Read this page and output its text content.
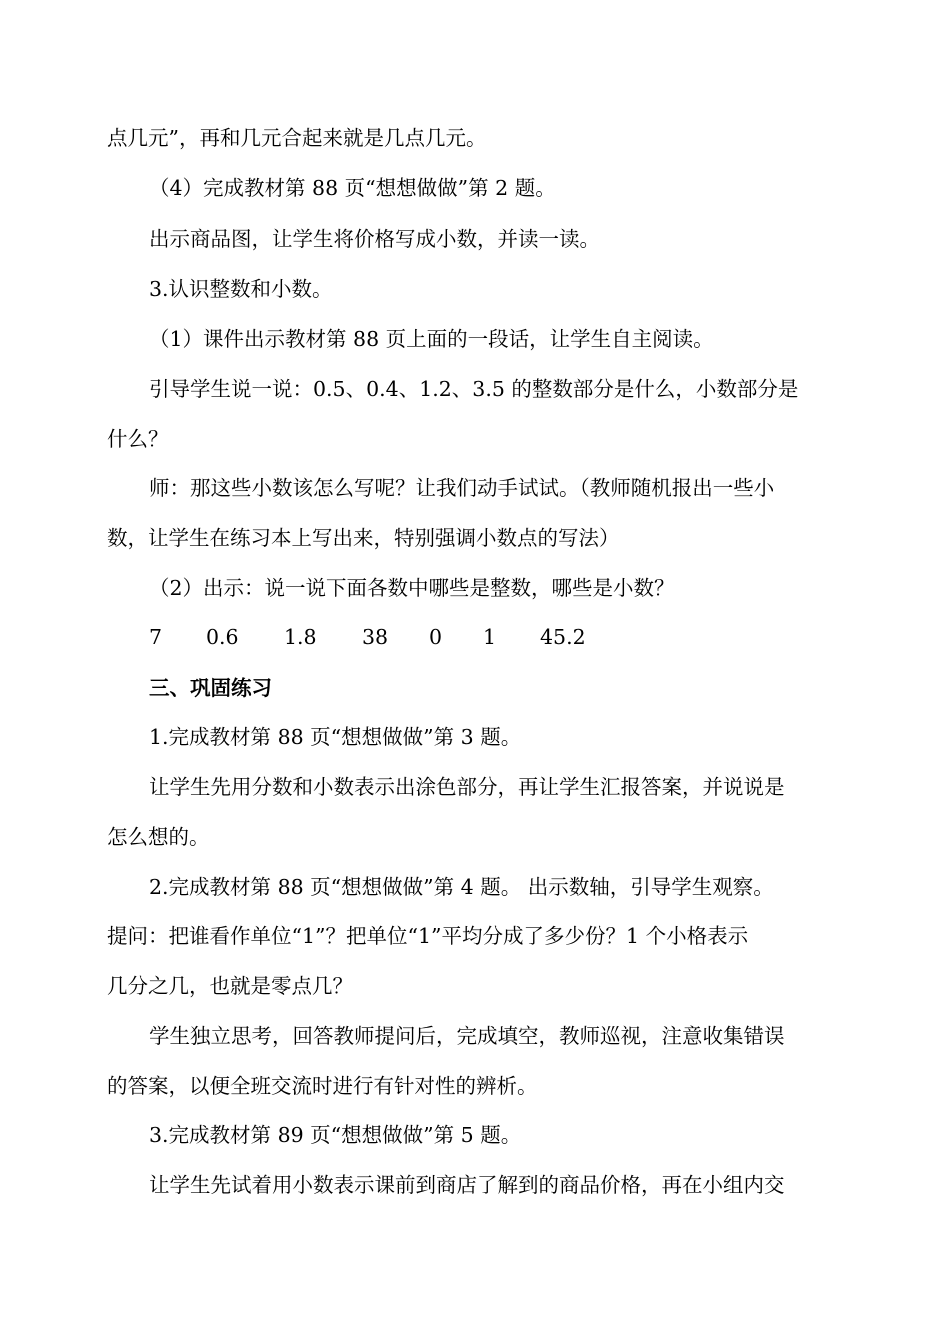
点几元”，再和几元合起来就是几点几元。
（4）完成教材第 88 页“想想做做”第 2 题。
出示商品图，让学生将价格写成小数，并读一读。
3.认识整数和小数。
（1）课件出示教材第 88 页上面的一段话，让学生自主阅读。
引导学生说一说：0.5、0.4、1.2、3.5 的整数部分是什么，小数部分是
什么？
师：那这些小数该怎么写呢？让我们动手试试。（教师随机报出一些小
数，让学生在练习本上写出来，特别强调小数点的写法）
（2）出示：说一说下面各数中哪些是整数，哪些是小数？
7 0.6 1.8 38 0 1 45.2
三、巩固练习
1.完成教材第 88 页“想想做做”第 3 题。
让学生先用分数和小数表示出涂色部分，再让学生汇报答案，并说说是
怎么想的。
2.完成教材第 88 页“想想做做”第 4 题。 出示数轴，引导学生观察。
提问：把谁看作单位“1”？把单位“1”平均分成了多少份？1 个小格表示
几分之几，也就是零点几？
学生独立思考，回答教师提问后，完成填空，教师巡视，注意收集错误
的答案，以便全班交流时进行有针对性的辨析。
3.完成教材第 89 页“想想做做”第 5 题。
让学生先试着用小数表示课前到商店了解到的商品价格，再在小组内交
